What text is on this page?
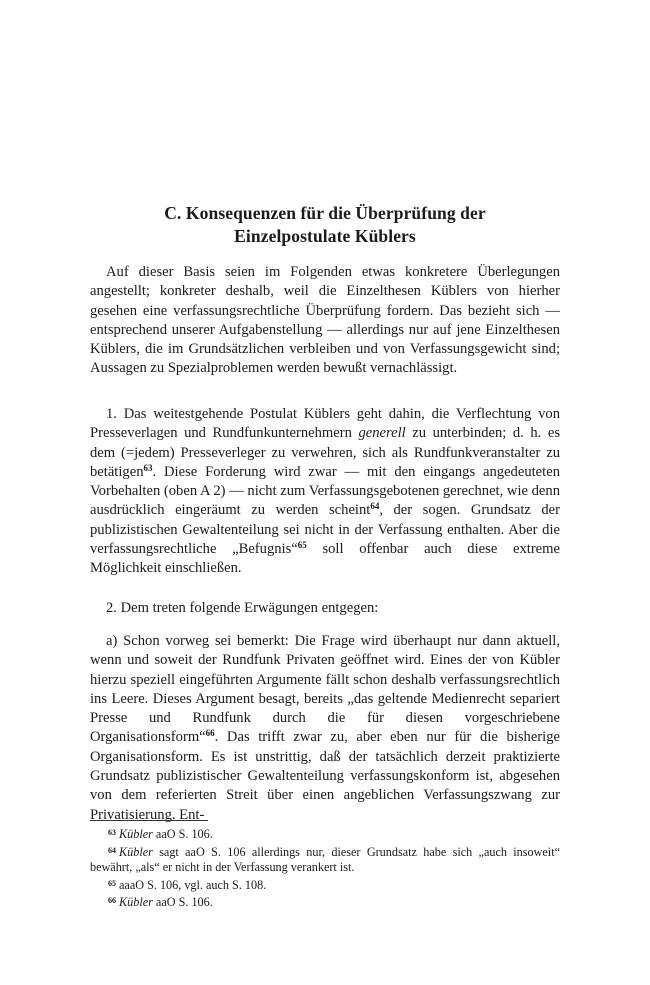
C. Konsequenzen für die Überprüfung der
Einzelpostulate Küblers

Auf dieser Basis seien im Folgenden etwas konkretere Überlegungen angestellt; konkreter deshalb, weil die Einzelthesen Küblers von hierher gesehen eine verfassungsrechtliche Überprüfung fordern. Das bezieht sich — entsprechend unserer Aufgabenstellung — allerdings nur auf jene Einzelthesen Küblers, die im Grundsätzlichen verbleiben und von Verfassungsgewicht sind; Aussagen zu Spezialproblemen werden bewußt vernachlässigt.

1. Das weitestgehende Postulat Küblers geht dahin, die Verflechtung von Presseverlagen und Rundfunkunternehmern generell zu unterbinden; d. h. es dem (=jedem) Presseverleger zu verwehren, sich als Rundfunkveranstalter zu betätigen$^{63}$. Diese Forderung wird zwar — mit den eingangs angedeuteten Vorbehalten (oben A 2) — nicht zum Verfassungsgebotenen gerechnet, wie denn ausdrücklich eingeräumt zu werden scheint$^{64}$, der sogen. Grundsatz der publizistischen Gewaltenteilung sei nicht in der Verfassung enthalten. Aber die verfassungsrechtliche „Befugnis“$^{65}$ soll offenbar auch diese extreme Möglichkeit einschließen.

2. Dem treten folgende Erwägungen entgegen:

a) Schon vorweg sei bemerkt: Die Frage wird überhaupt nur dann aktuell, wenn und soweit der Rundfunk Privaten geöffnet wird. Eines der von Kübler hierzu speziell eingeführten Argumente fällt schon deshalb verfassungsrechtlich ins Leere. Dieses Argument besagt, bereits „das geltende Medienrecht separiert Presse und Rundfunk durch die für diesen vorgeschriebene Organisationsform“$^{66}$. Das trifft zwar zu, aber eben nur für die bisherige Organisationsform. Es ist unstrittig, daß der tatsächlich derzeit praktizierte Grundsatz publizistischer Gewaltenteilung verfassungskonform ist, abgesehen von dem referierten Streit über einen angeblichen Verfassungszwang zur Privatisierung. Ent-

$^{63}$ Kübler aaO S. 106.

$^{64}$ Kübler sagt aaO S. 106 allerdings nur, dieser Grundsatz habe sich „auch insoweit“ bewährt, „als“ er nicht in der Verfassung verankert ist.

$^{65}$ aaaO S. 106, vgl. auch S. 108.

$^{66}$ Kübler aaO S. 106.
